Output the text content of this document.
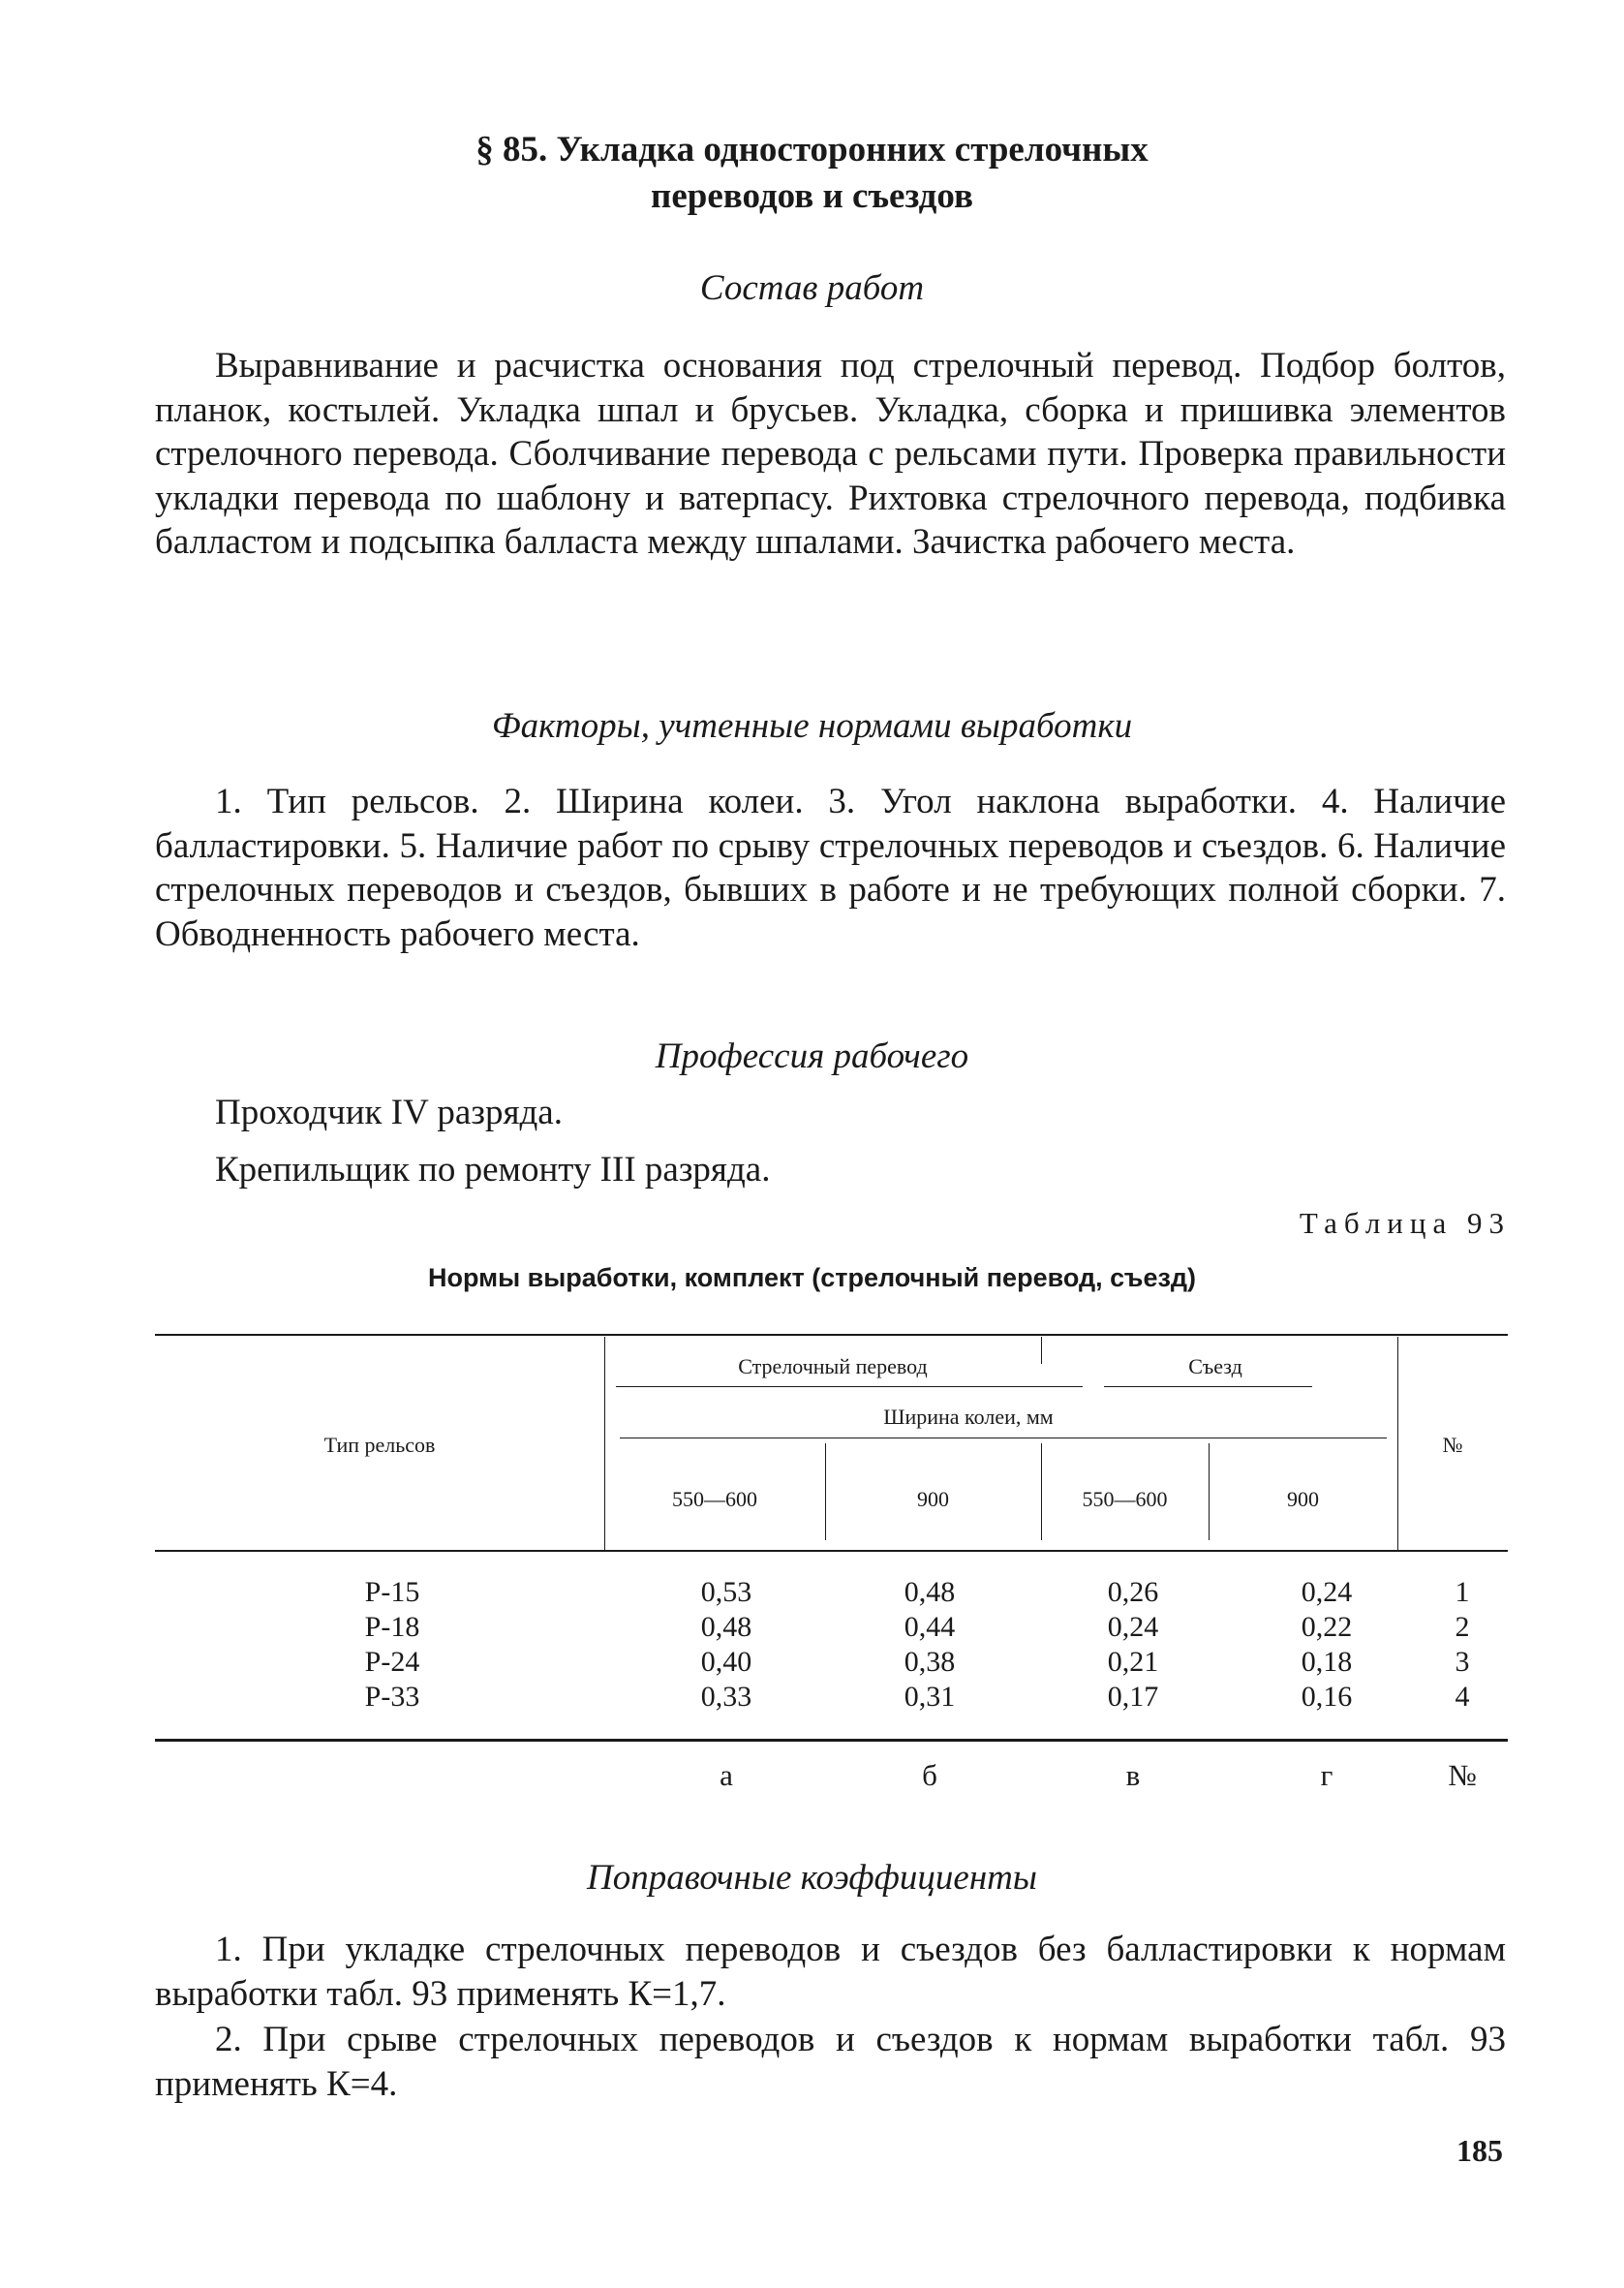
§ 85. Укладка односторонних стрелочных
переводов и съездов
Состав работ

Выравнивание и расчистка основания под стрелочный перевод. Подбор болтов, планок, костылей. Укладка шпал и брусьев. Укладка, сборка и пришивка элементов стрелочного перевода. Сболчивание перевода с рельсами пути. Проверка правильности укладки перевода по шаблону и ватерпасу. Рихтовка стрелочного перевода, подбивка балластом и подсыпка балласта между шпалами. Зачистка рабочего места.

Факторы, учтенные нормами выработки

1. Тип рельсов. 2. Ширина колеи. 3. Угол наклона выработки. 4. Наличие балластировки. 5. Наличие работ по срыву стрелочных переводов и съездов. 6. Наличие стрелочных переводов и съездов, бывших в работе и не требующих полной сборки. 7. Обводненность рабочего места.

Профессия рабочего
Проходчик IV разряда.
Крепильщик по ремонту III разряда.
Таблица 93
Нормы выработки, комплект (стрелочный перевод, съезд)
Тип рельсов
Стрелочный перевод	Съезд
Ширина колеи, мм
№
550—600	900	550—600	900
Р-15	0,53	0,48	0,26	0,24	1
Р-18	0,48	0,44	0,24	0,22	2
Р-24	0,40	0,38	0,21	0,18	3
Р-33	0,33	0,31	0,17	0,16	4
а	б	в	г	№
Поправочные коэффициенты

1. При укладке стрелочных переводов и съездов без балластировки к нормам выработки табл. 93 применять К=1,7.

2. При срыве стрелочных переводов и съездов к нормам выработки табл. 93 применять К=4.

185
